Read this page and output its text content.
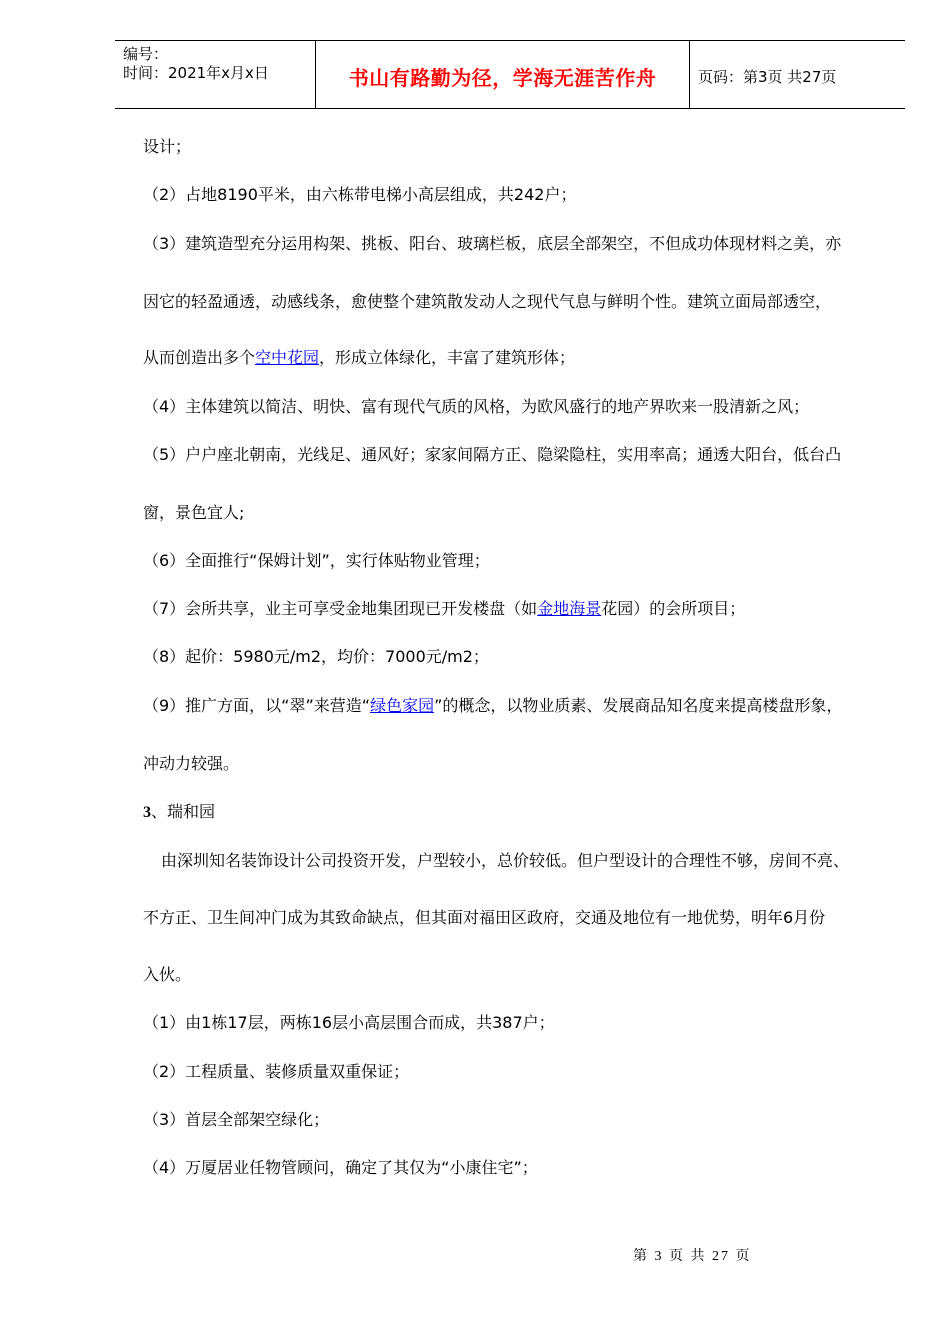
编号：
时间：2021年x月x日	书山有路勤为径，学海无涯苦作舟	页码：第3页 共27页
设计；
（2）占地8190平米，由六栋带电梯小高层组成，共242户；
（3）建筑造型充分运用构架、挑板、阳台、玻璃栏板，底层全部架空，不但成功体现材料之美，亦
因它的轻盈通透，动感线条，愈使整个建筑散发动人之现代气息与鲜明个性。建筑立面局部透空，
从而创造出多个空中花园，形成立体绿化，丰富了建筑形体；
（4）主体建筑以简洁、明快、富有现代气质的风格，为欧风盛行的地产界吹来一股清新之风；
（5）户户座北朝南，光线足、通风好；家家间隔方正、隐梁隐柱，实用率高；通透大阳台，低台凸
窗，景色宜人;
（6）全面推行“保姆计划”，实行体贴物业管理；
（7）会所共享，业主可享受金地集团现已开发楼盘（如金地海景花园）的会所项目；
（8）起价：5980元/m2，均价：7000元/m2；
（9）推广方面，以“翠”来营造“绿色家园”的概念，以物业质素、发展商品知名度来提高楼盘形象，
冲动力较强。
3、瑞和园
由深圳知名装饰设计公司投资开发，户型较小，总价较低。但户型设计的合理性不够，房间不亮、
不方正、卫生间冲门成为其致命缺点，但其面对福田区政府，交通及地位有一地优势，明年6月份
入伙。
（1）由1栋17层，两栋16层小高层围合而成，共387户；
（2）工程质量、装修质量双重保证；
（3）首层全部架空绿化；
（4）万厦居业任物管顾问，确定了其仅为“小康住宅”；
第 3 页 共 27 页
